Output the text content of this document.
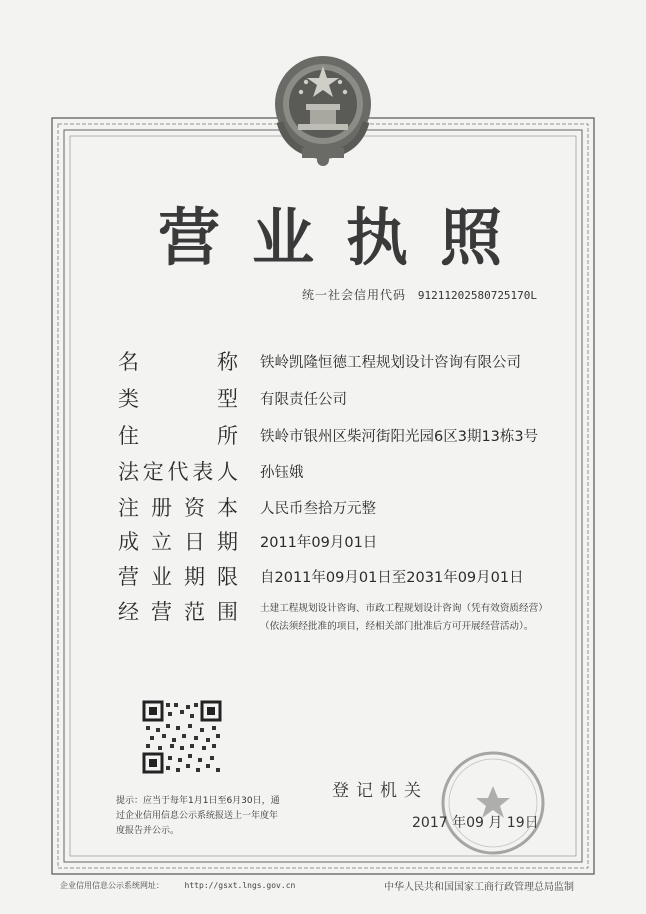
营 业 执 照
统一社会信用代码 91211202580725170L
名	称 铁岭凯隆恒德工程规划设计咨询有限公司
类	型 有限责任公司
住	所 铁岭市银州区柴河街阳光园6区3期13栋3号
法 定 代 表 人 孙钰娥
注 册 资 本 人民币叁拾万元整
成 立 日 期 2011年09月01日
营 业 期 限 自2011年09月01日至2031年09月01日
经 营 范 围 土建工程规划设计咨询、市政工程规划设计咨询（凭有效资质经营）
（依法须经批准的项目，经相关部门批准后方可开展经营活动）。
提示：应当于每年1月1日至6月30日，通
过企业信用信息公示系统报送上一年度年
度报告并公示。
登记机关
2017 年09 月 19日
企业信用信息公示系统网址：	http://gsxt.lngs.gov.cn	中华人民共和国国家工商行政管理总局监制
